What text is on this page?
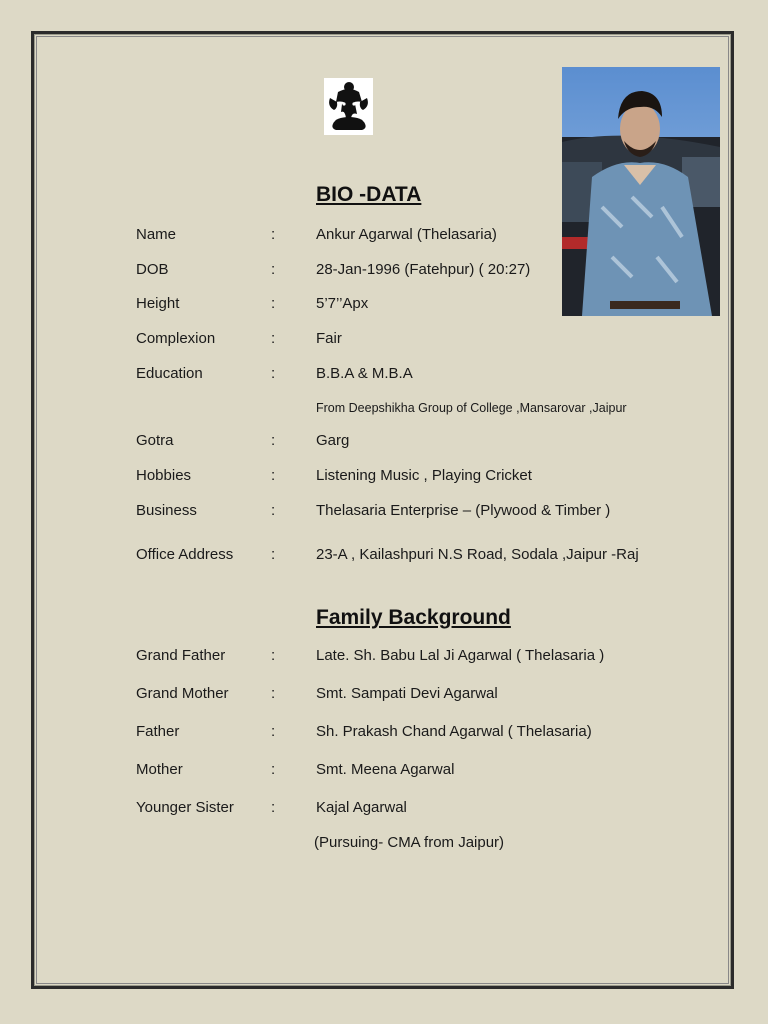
BIO -DATA
Name	:	Ankur Agarwal (Thelasaria)
DOB	:	28-Jan-1996 (Fatehpur) ( 20:27)
Height	:	5’7’’Apx
Complexion	:	Fair
Education	:	B.B.A & M.B.A
From Deepshikha Group of College ,Mansarovar ,Jaipur
Gotra	:	Garg
Hobbies	:	Listening Music , Playing Cricket
Business	:	Thelasaria Enterprise – (Plywood & Timber )
Office Address	:	23-A , Kailashpuri N.S Road, Sodala ,Jaipur -Raj
Family Background
Grand Father	:	Late. Sh. Babu Lal Ji Agarwal ( Thelasaria )
Grand Mother	:	Smt. Sampati Devi Agarwal
Father	:	Sh. Prakash Chand Agarwal ( Thelasaria)
Mother	:	Smt. Meena Agarwal
Younger Sister :	Kajal Agarwal
(Pursuing- CMA from Jaipur)
